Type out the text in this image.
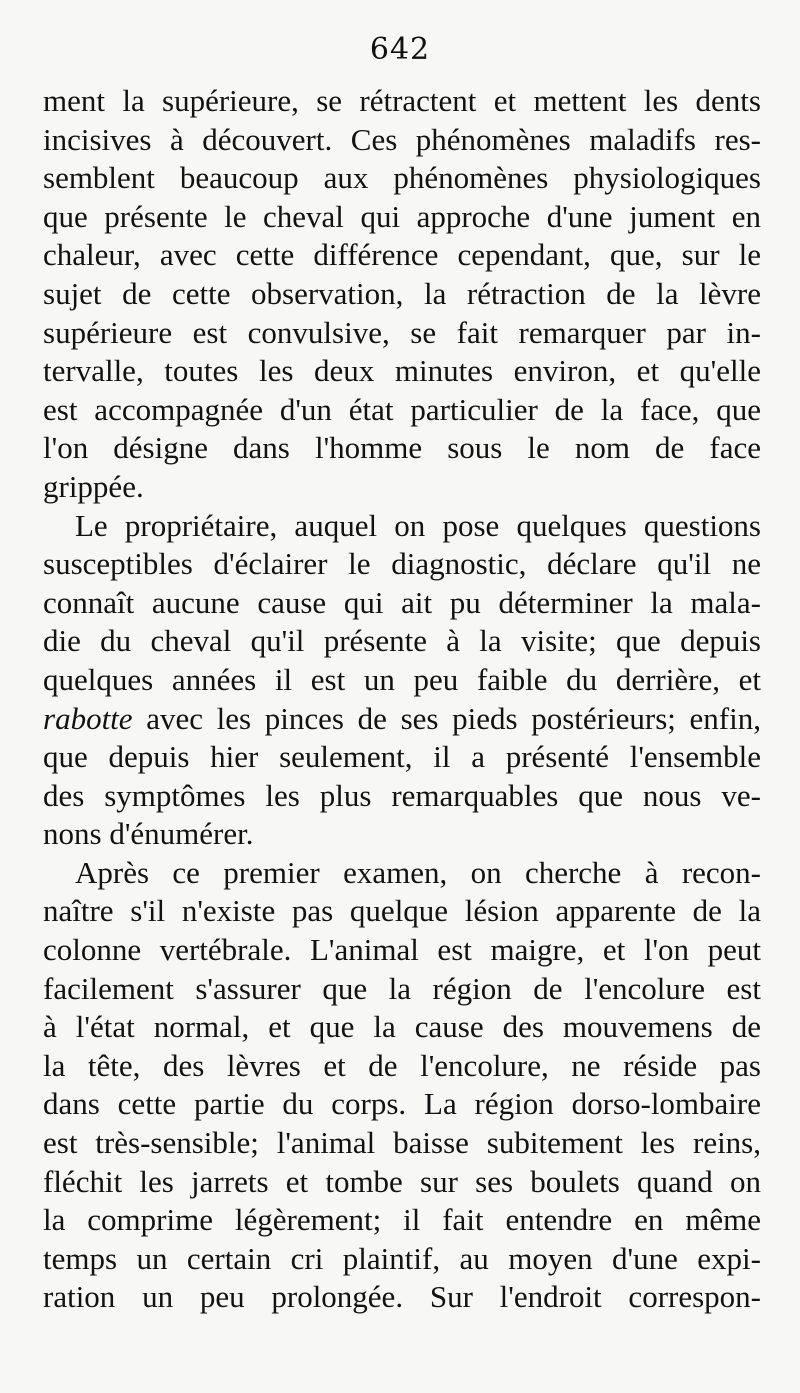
642
ment la supérieure, se rétractent et mettent les dents
incisives à découvert. Ces phénomènes maladifs res-
semblent beaucoup aux phénomènes physiologiques
que présente le cheval qui approche d'une jument en
chaleur, avec cette différence cependant, que, sur le
sujet de cette observation, la rétraction de la lèvre
supérieure est convulsive, se fait remarquer par in-
tervalle, toutes les deux minutes environ, et qu'elle
est accompagnée d'un état particulier de la face, que
l'on désigne dans l'homme sous le nom de face
grippée.
Le propriétaire, auquel on pose quelques questions
susceptibles d'éclairer le diagnostic, déclare qu'il ne
connaît aucune cause qui ait pu déterminer la mala-
die du cheval qu'il présente à la visite; que depuis
quelques années il est un peu faible du derrière, et
rabotte avec les pinces de ses pieds postérieurs; enfin,
que depuis hier seulement, il a présenté l'ensemble
des symptômes les plus remarquables que nous ve-
nons d'énumérer.
Après ce premier examen, on cherche à recon-
naître s'il n'existe pas quelque lésion apparente de la
colonne vertébrale. L'animal est maigre, et l'on peut
facilement s'assurer que la région de l'encolure est
à l'état normal, et que la cause des mouvemens de
la tête, des lèvres et de l'encolure, ne réside pas
dans cette partie du corps. La région dorso-lombaire
est très-sensible; l'animal baisse subitement les reins,
fléchit les jarrets et tombe sur ses boulets quand on
la comprime légèrement; il fait entendre en même
temps un certain cri plaintif, au moyen d'une expi-
ration un peu prolongée. Sur l'endroit correspon-
